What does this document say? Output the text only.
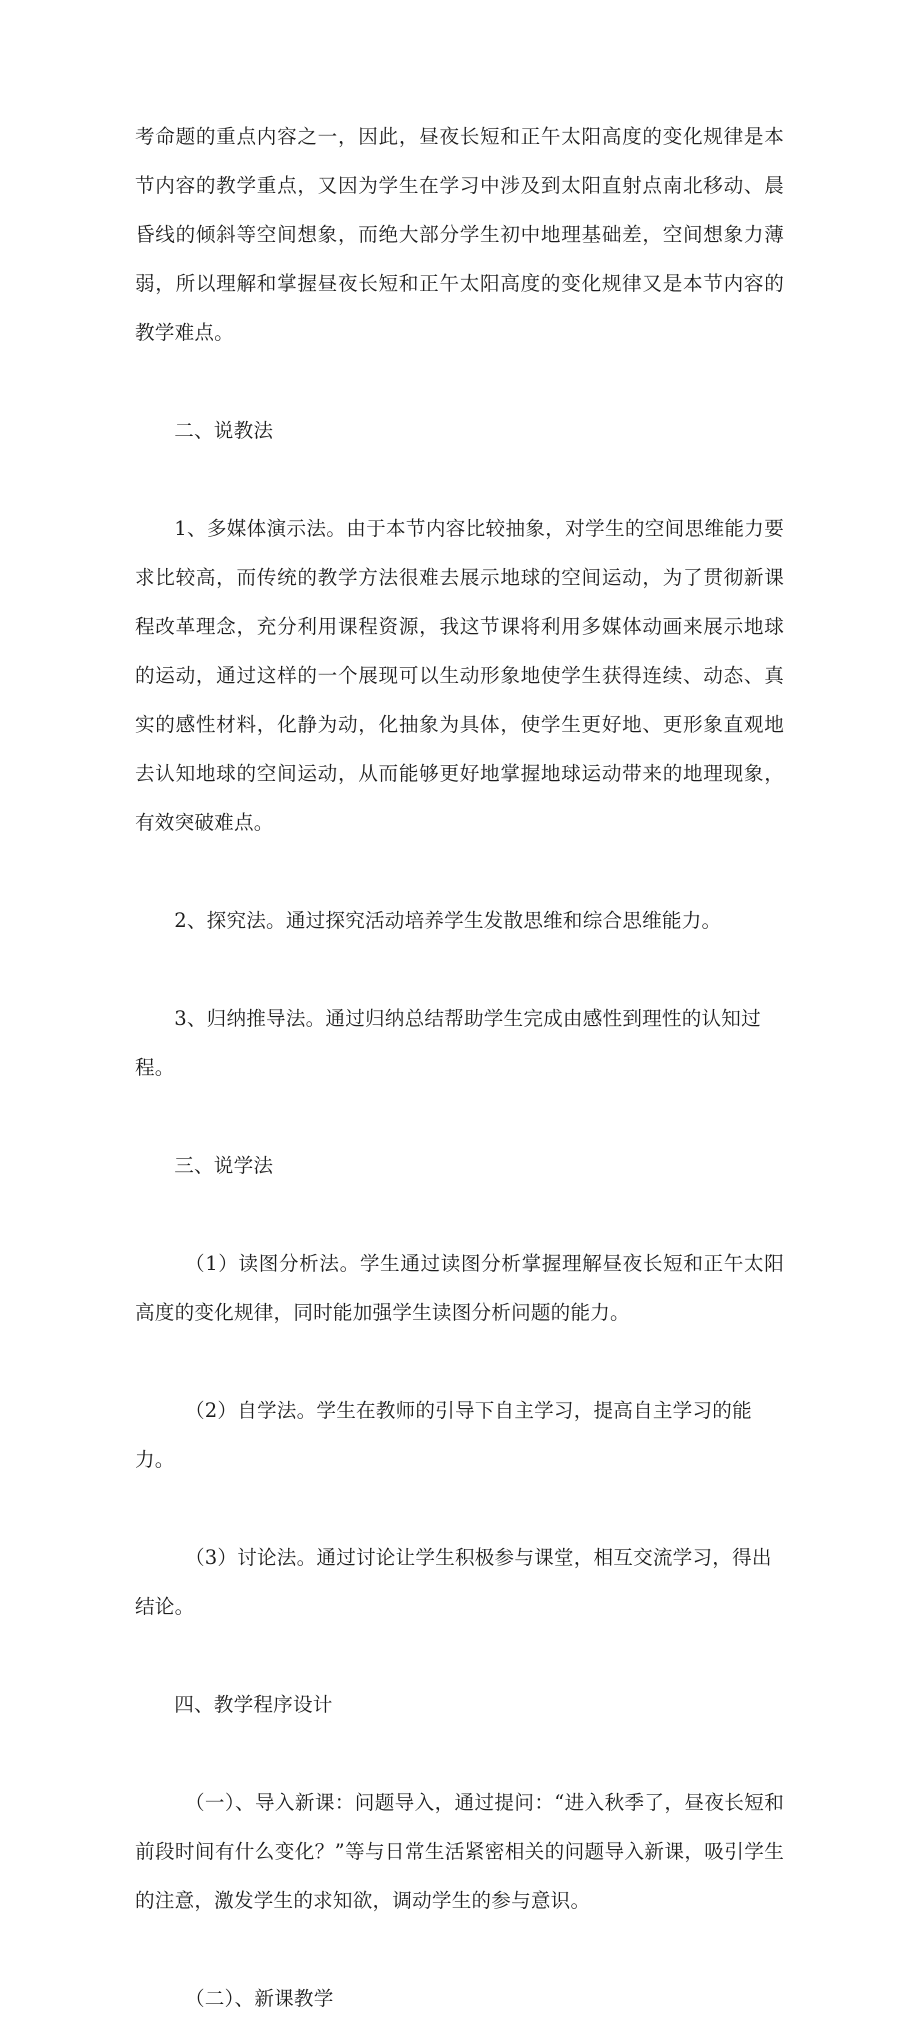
考命题的重点内容之一，因此，昼夜长短和正午太阳高度的变化规律是本节内容的教学重点，又因为学生在学习中涉及到太阳直射点南北移动、晨昏线的倾斜等空间想象，而绝大部分学生初中地理基础差，空间想象力薄弱，所以理解和掌握昼夜长短和正午太阳高度的变化规律又是本节内容的教学难点。

二、说教法

1、多媒体演示法。由于本节内容比较抽象，对学生的空间思维能力要求比较高，而传统的教学方法很难去展示地球的空间运动，为了贯彻新课程改革理念，充分利用课程资源，我这节课将利用多媒体动画来展示地球的运动，通过这样的一个展现可以生动形象地使学生获得连续、动态、真实的感性材料，化静为动，化抽象为具体，使学生更好地、更形象直观地去认知地球的空间运动，从而能够更好地掌握地球运动带来的地理现象，有效突破难点。

2、探究法。通过探究活动培养学生发散思维和综合思维能力。

3、归纳推导法。通过归纳总结帮助学生完成由感性到理性的认知过程。

三、说学法

（1）读图分析法。学生通过读图分析掌握理解昼夜长短和正午太阳高度的变化规律，同时能加强学生读图分析问题的能力。

（2）自学法。学生在教师的引导下自主学习，提高自主学习的能力。

（3）讨论法。通过讨论让学生积极参与课堂，相互交流学习，得出结论。

四、教学程序设计

（一）、导入新课：问题导入，通过提问：“进入秋季了，昼夜长短和前段时间有什么变化？”等与日常生活紧密相关的问题导入新课，吸引学生的注意，激发学生的求知欲，调动学生的参与意识。

（二）、新课教学
